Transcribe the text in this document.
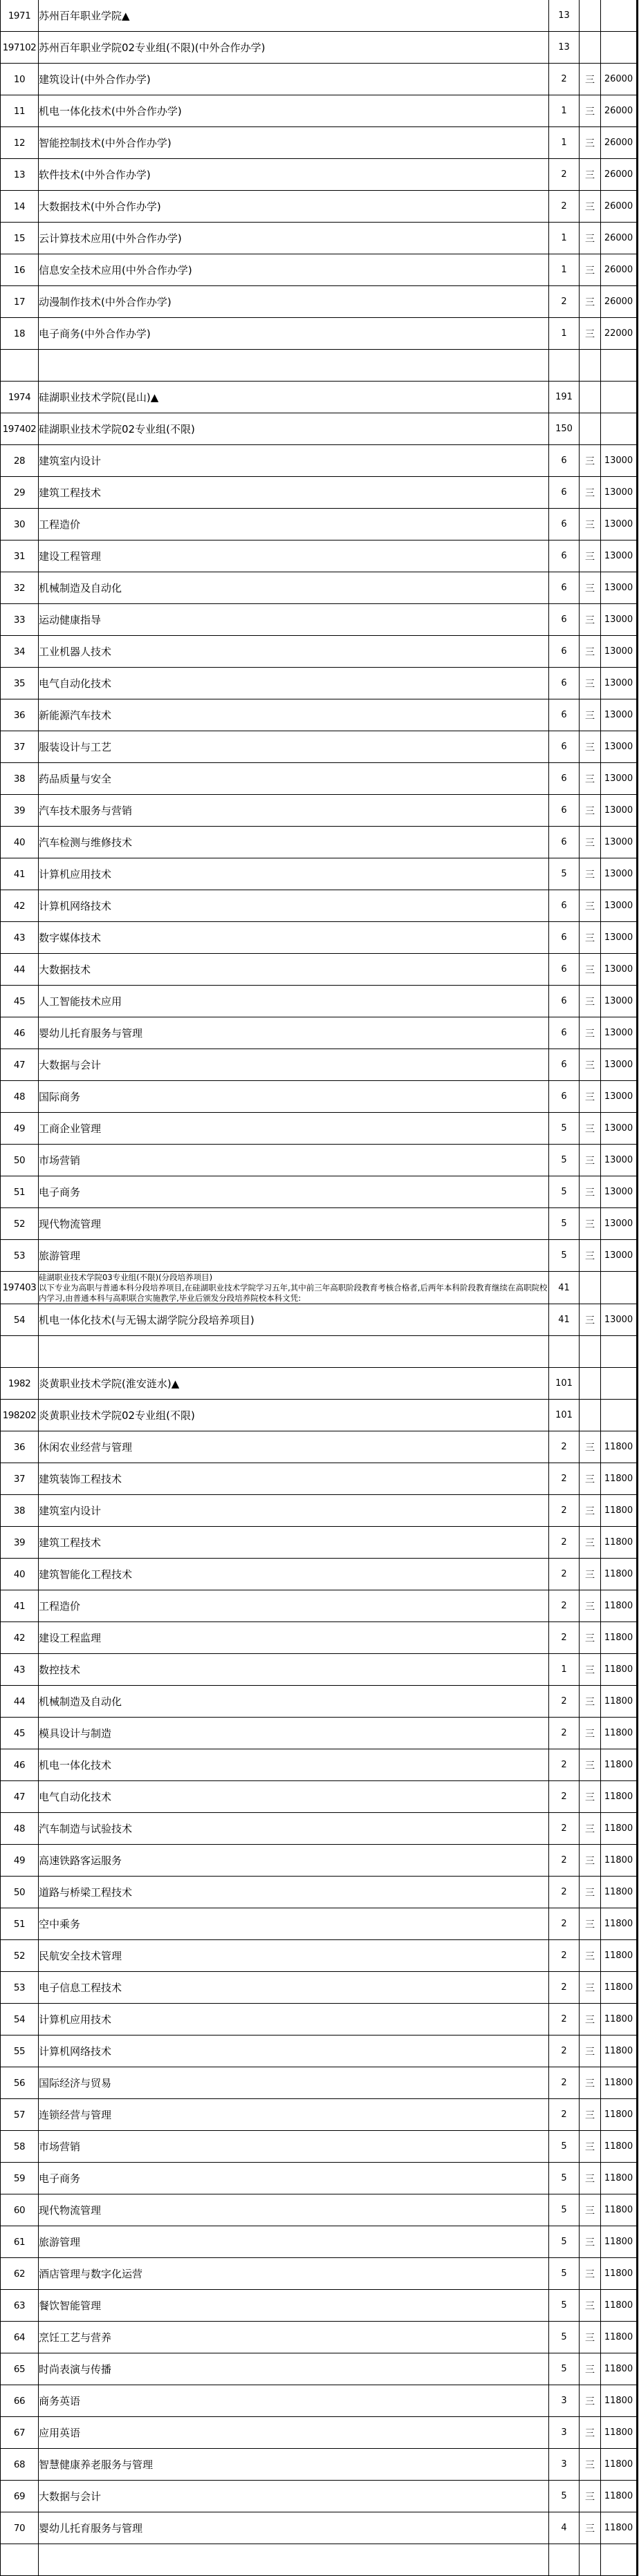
1971	苏州百年职业学院▲	13		
197102	苏州百年职业学院02专业组(不限)(中外合作办学)	13		
10	建筑设计(中外合作办学)	2	三	26000
11	机电一体化技术(中外合作办学)	1	三	26000
12	智能控制技术(中外合作办学)	1	三	26000
13	软件技术(中外合作办学)	2	三	26000
14	大数据技术(中外合作办学)	2	三	26000
15	云计算技术应用(中外合作办学)	1	三	26000
16	信息安全技术应用(中外合作办学)	1	三	26000
17	动漫制作技术(中外合作办学)	2	三	26000
18	电子商务(中外合作办学)	1	三	22000

1974	硅湖职业技术学院(昆山)▲	191		
197402	硅湖职业技术学院02专业组(不限)	150		
28	建筑室内设计	6	三	13000
29	建筑工程技术	6	三	13000
30	工程造价	6	三	13000
31	建设工程管理	6	三	13000
32	机械制造及自动化	6	三	13000
33	运动健康指导	6	三	13000
34	工业机器人技术	6	三	13000
35	电气自动化技术	6	三	13000
36	新能源汽车技术	6	三	13000
37	服装设计与工艺	6	三	13000
38	药品质量与安全	6	三	13000
39	汽车技术服务与营销	6	三	13000
40	汽车检测与维修技术	6	三	13000
41	计算机应用技术	5	三	13000
42	计算机网络技术	6	三	13000
43	数字媒体技术	6	三	13000
44	大数据技术	6	三	13000
45	人工智能技术应用	6	三	13000
46	婴幼儿托育服务与管理	6	三	13000
47	大数据与会计	6	三	13000
48	国际商务	6	三	13000
49	工商企业管理	5	三	13000
50	市场营销	5	三	13000
51	电子商务	5	三	13000
52	现代物流管理	5	三	13000
53	旅游管理	5	三	13000
197403	硅湖职业技术学院03专业组(不限)(分段培养项目)
以下专业为高职与普通本科分段培养项目,在硅湖职业技术学院学习五年,其中前三年高职阶段教育考核合格者,后两年本科阶段教育继续在高职院校内学习,由普通本科与高职联合实施教学,毕业后颁发分段培养院校本科文凭:	41		
54	机电一体化技术(与无锡太湖学院分段培养项目)	41	三	13000

1982	炎黄职业技术学院(淮安涟水)▲	101		
198202	炎黄职业技术学院02专业组(不限)	101		
36	休闲农业经营与管理	2	三	11800
37	建筑装饰工程技术	2	三	11800
38	建筑室内设计	2	三	11800
39	建筑工程技术	2	三	11800
40	建筑智能化工程技术	2	三	11800
41	工程造价	2	三	11800
42	建设工程监理	2	三	11800
43	数控技术	1	三	11800
44	机械制造及自动化	2	三	11800
45	模具设计与制造	2	三	11800
46	机电一体化技术	2	三	11800
47	电气自动化技术	2	三	11800
48	汽车制造与试验技术	2	三	11800
49	高速铁路客运服务	2	三	11800
50	道路与桥梁工程技术	2	三	11800
51	空中乘务	2	三	11800
52	民航安全技术管理	2	三	11800
53	电子信息工程技术	2	三	11800
54	计算机应用技术	2	三	11800
55	计算机网络技术	2	三	11800
56	国际经济与贸易	2	三	11800
57	连锁经营与管理	2	三	11800
58	市场营销	5	三	11800
59	电子商务	5	三	11800
60	现代物流管理	5	三	11800
61	旅游管理	5	三	11800
62	酒店管理与数字化运营	5	三	11800
63	餐饮智能管理	5	三	11800
64	烹饪工艺与营养	5	三	11800
65	时尚表演与传播	5	三	11800
66	商务英语	3	三	11800
67	应用英语	3	三	11800
68	智慧健康养老服务与管理	3	三	11800
69	大数据与会计	5	三	11800
70	婴幼儿托育服务与管理	4	三	11800
